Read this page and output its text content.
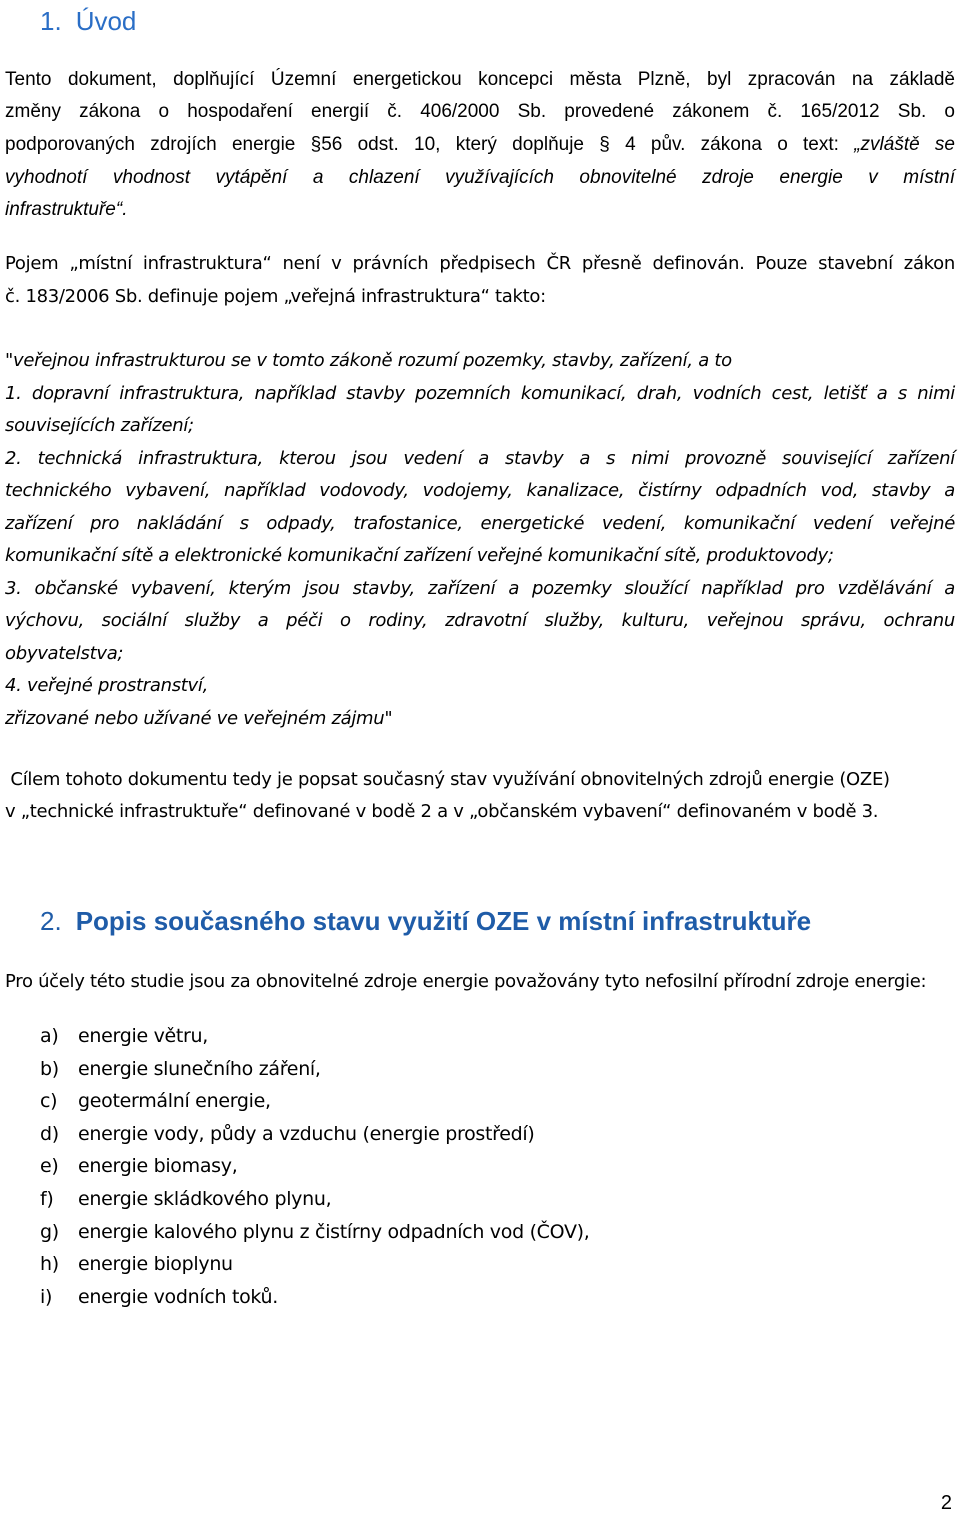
1. Úvod
Tento dokument, doplňující Územní energetickou koncepci města Plzně, byl zpracován na základě
změny zákona o hospodaření energií č. 406/2000 Sb. provedené zákonem č. 165/2012 Sb. o
podporovaných zdrojích energie §56 odst. 10, který doplňuje § 4 pův. zákona o text: „zvláště se
vyhodnotí vhodnost vytápění a chlazení využívajících obnovitelné zdroje energie v místní
infrastruktuře“.
Pojem „místní infrastruktura“ není v právních předpisech ČR přesně definován. Pouze stavební zákon
č. 183/2006 Sb. definuje pojem „veřejná infrastruktura“ takto:
"veřejnou infrastrukturou se v tomto zákoně rozumí pozemky, stavby, zařízení, a to
1. dopravní infrastruktura, například stavby pozemních komunikací, drah, vodních cest, letišť a s nimi
souvisejících zařízení;
2. technická infrastruktura, kterou jsou vedení a stavby a s nimi provozně související zařízení
technického vybavení, například vodovody, vodojemy, kanalizace, čistírny odpadních vod, stavby a
zařízení pro nakládání s odpady, trafostanice, energetické vedení, komunikační vedení veřejné
komunikační sítě a elektronické komunikační zařízení veřejné komunikační sítě, produktovody;
3. občanské vybavení, kterým jsou stavby, zařízení a pozemky sloužící například pro vzdělávání a
výchovu, sociální služby a péči o rodiny, zdravotní služby, kulturu, veřejnou správu, ochranu
obyvatelstva;
4. veřejné prostranství,
zřizované nebo užívané ve veřejném zájmu"
Cílem tohoto dokumentu tedy je popsat současný stav využívání obnovitelných zdrojů energie (OZE)
v „technické infrastruktuře“ definované v bodě 2 a v „občanském vybavení“ definovaném v bodě 3.
2. Popis současného stavu využití OZE v místní infrastruktuře
Pro účely této studie jsou za obnovitelné zdroje energie považovány tyto nefosilní přírodní zdroje energie:
a) energie větru,
b) energie slunečního záření,
c) geotermální energie,
d) energie vody, půdy a vzduchu (energie prostředí)
e) energie biomasy,
f) energie skládkového plynu,
g) energie kalového plynu z čistírny odpadních vod (ČOV),
h) energie bioplynu
i) energie vodních toků.
2
